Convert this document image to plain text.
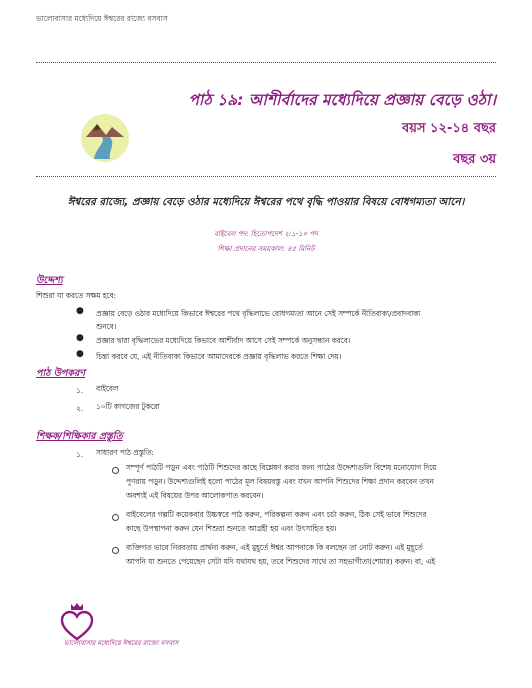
ভালোবাসার মধ্যেদিয়ে ঈশ্বরের রাজ্যে বসবাস
পাঠ ১৯: আশীর্বাদের মধ্যেদিয়ে প্রজ্ঞায় বেড়ে ওঠা।
বয়স ১২-১৪ বছর
বছর ৩য়
ঈশ্বরের রাজ্যে, প্রজ্ঞায় বেড়ে ওঠার মধ্যেদিয়ে ঈশ্বরের পথে বৃদ্ধি পাওয়ার বিষয়ে বোধগম্যতা আনে।
বাইবেল পদ: হিতোপদেশ ২:১-১০ পদ
শিক্ষা প্রদানের সময়কাল: ৪৫ মিনিট
উদ্দেশ্য
শিশুরা যা করতে সক্ষম হবে:
● প্রজ্ঞায় বেড়ে ওঠার মধ্যেদিয়ে কিভাবে ঈশ্বরের পথে বৃদ্ধিলাভে বোধগম্যতা আনে সেই সম্পর্কে নীতিবাক্য/প্রবাদবাক্য
শুনবে।
● প্রজ্ঞার দ্বারা বৃদ্ধিলাভের মধ্যেদিয়ে কিভাবে আশীর্বাদ আসে সেই সম্পর্কে অনুসন্ধান করবে।
● চিন্তা করবে যে, এই নীতিবাক্য কিভাবে আমাদেরকে প্রজ্ঞায় বৃদ্ধিলাভ করতে শিক্ষা দেয়।
পাঠ উপকরণ
১. বাইবেল
২. ১০টি কাগজের টুকরো
শিক্ষক/শিক্ষিকার প্রস্তুতি
১. সাধারণ পাঠ প্রস্তুতি:
সম্পূর্ণ পাঠটি পড়ুন এবং পাঠটি শিশুদের কাছে বিশ্লেষণ করার জন্য পাঠের উদ্দেশ্যগুলি বিশেষ মনোযোগ দিয়ে
পুণরায় পড়ুন। উদ্দেশ্যগুলিই হলো পাঠের মূল বিষয়বস্তু এবং যখন আপনি শিশুদের শিক্ষা প্রদান করবেন তখন
অবশ্যই এই বিষয়ের উপর আলোকপাত করবেন।
বাইবেলের গল্পটি কয়েকবার উচ্চস্বরে পাঠ করুন, পরিকল্পনা করুন এবং চর্চা করুন, ঠিক সেই ভাবে শিশুদের
কাছে উপস্থাপনা করুন যেন শিশুরা শুনতে আগ্রহী হয় এবং উৎসাহিত হয়।
ব্যক্তিগত ভাবে নিরবতায় প্রার্থনা করুন, এই মুহূর্তে ঈশ্বর আপনাকে কি বলছেন তা নোট করুন। এই মুহূর্তে
আপনি যা শুনতে পেয়েছেন সেটা যদি যথাযথ হয়, তবে শিশুদের সাথে তা সহভাগীতা(শেয়ার) করুন। বা, এই
ভালোবাসার মধ্যেদিয়ে ঈশ্বরের রাজ্যে বসবাস
